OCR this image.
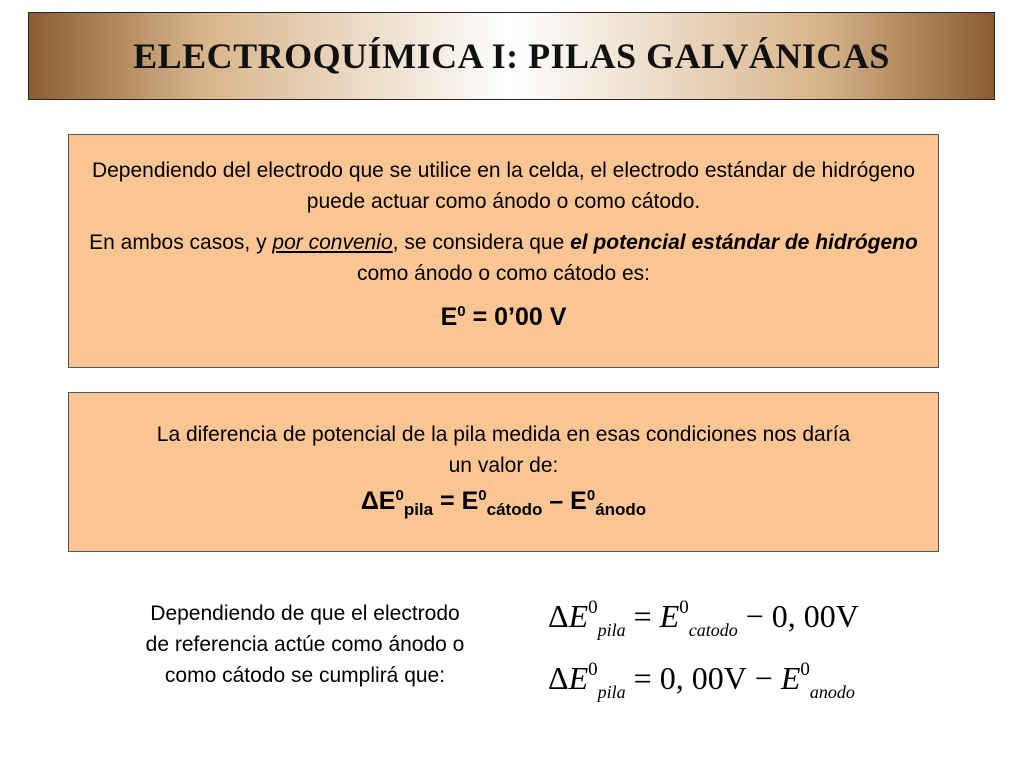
ELECTROQUÍMICA I: PILAS GALVÁNICAS

Dependiendo del electrodo que se utilice en la celda, el electrodo estándar de hidrógeno puede actuar como ánodo o como cátodo.

En ambos casos, y por convenio, se considera que el potencial estándar de hidrógeno como ánodo o como cátodo es:

$E^0$ = 0’00 V

La diferencia de potencial de la pila medida en esas condiciones nos daría un valor de:

$\Delta E^0_{pila} = E^0_{cátodo} - E^0_{ánodo}$
Dependiendo de que el electrodo de referencia actúe como ánodo o como cátodo se cumplirá que:
$\Delta E^0_{pila} = E^0_{catodo} - 0$, 00V
$\Delta E^0_{pila} = 0$, $00V - E^0_{anodo}$
